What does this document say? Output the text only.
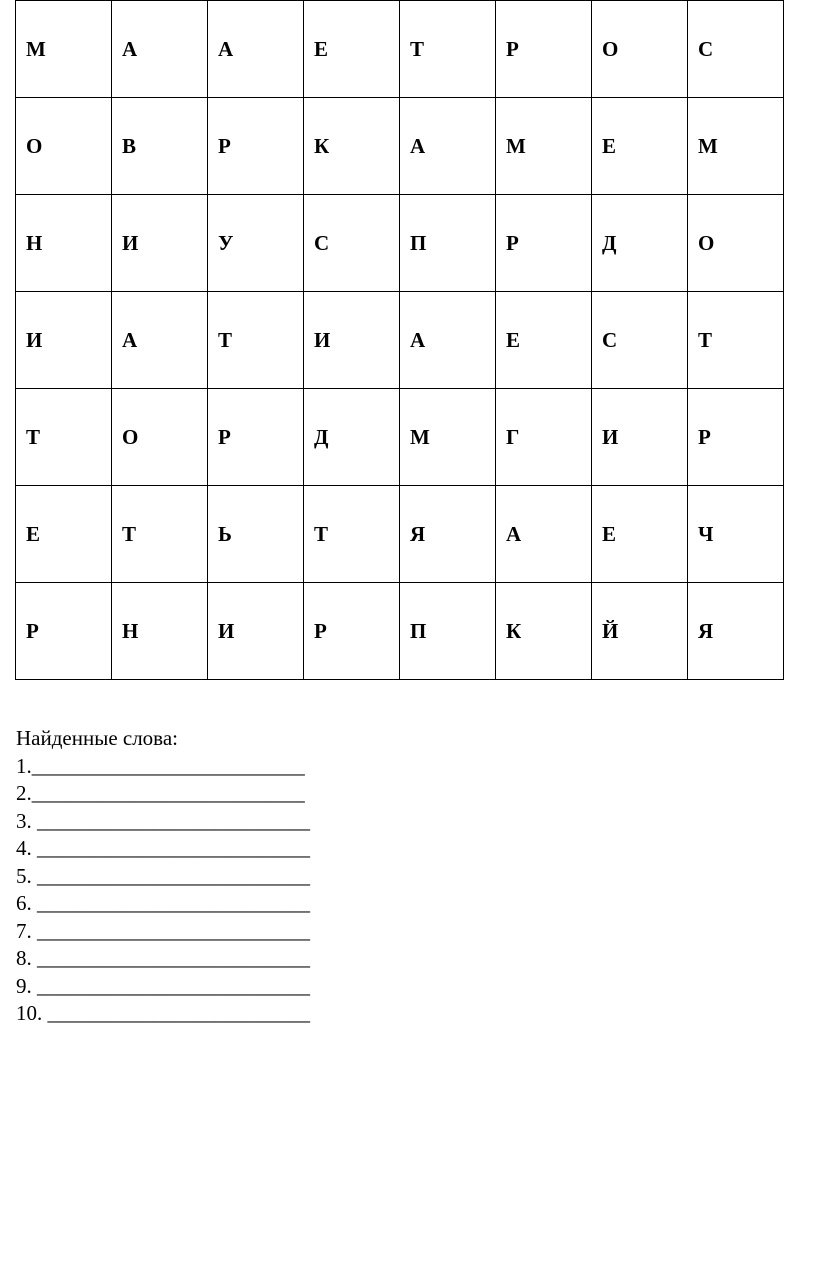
М	А	А	Е	Т	Р	О	С
О	В	Р	К	А	М	Е	М
Н	И	У	С	П	Р	Д	О
И	А	Т	И	А	Е	С	Т
Т	О	Р	Д	М	Г	И	Р
Е	Т	Ь	Т	Я	А	Е	Ч
Р	Н	И	Р	П	К	Й	Я
Найденные слова:
1.__________________________
2.__________________________
3. __________________________
4. __________________________
5. __________________________
6. __________________________
7. __________________________
8. __________________________
9. __________________________
10. _________________________
